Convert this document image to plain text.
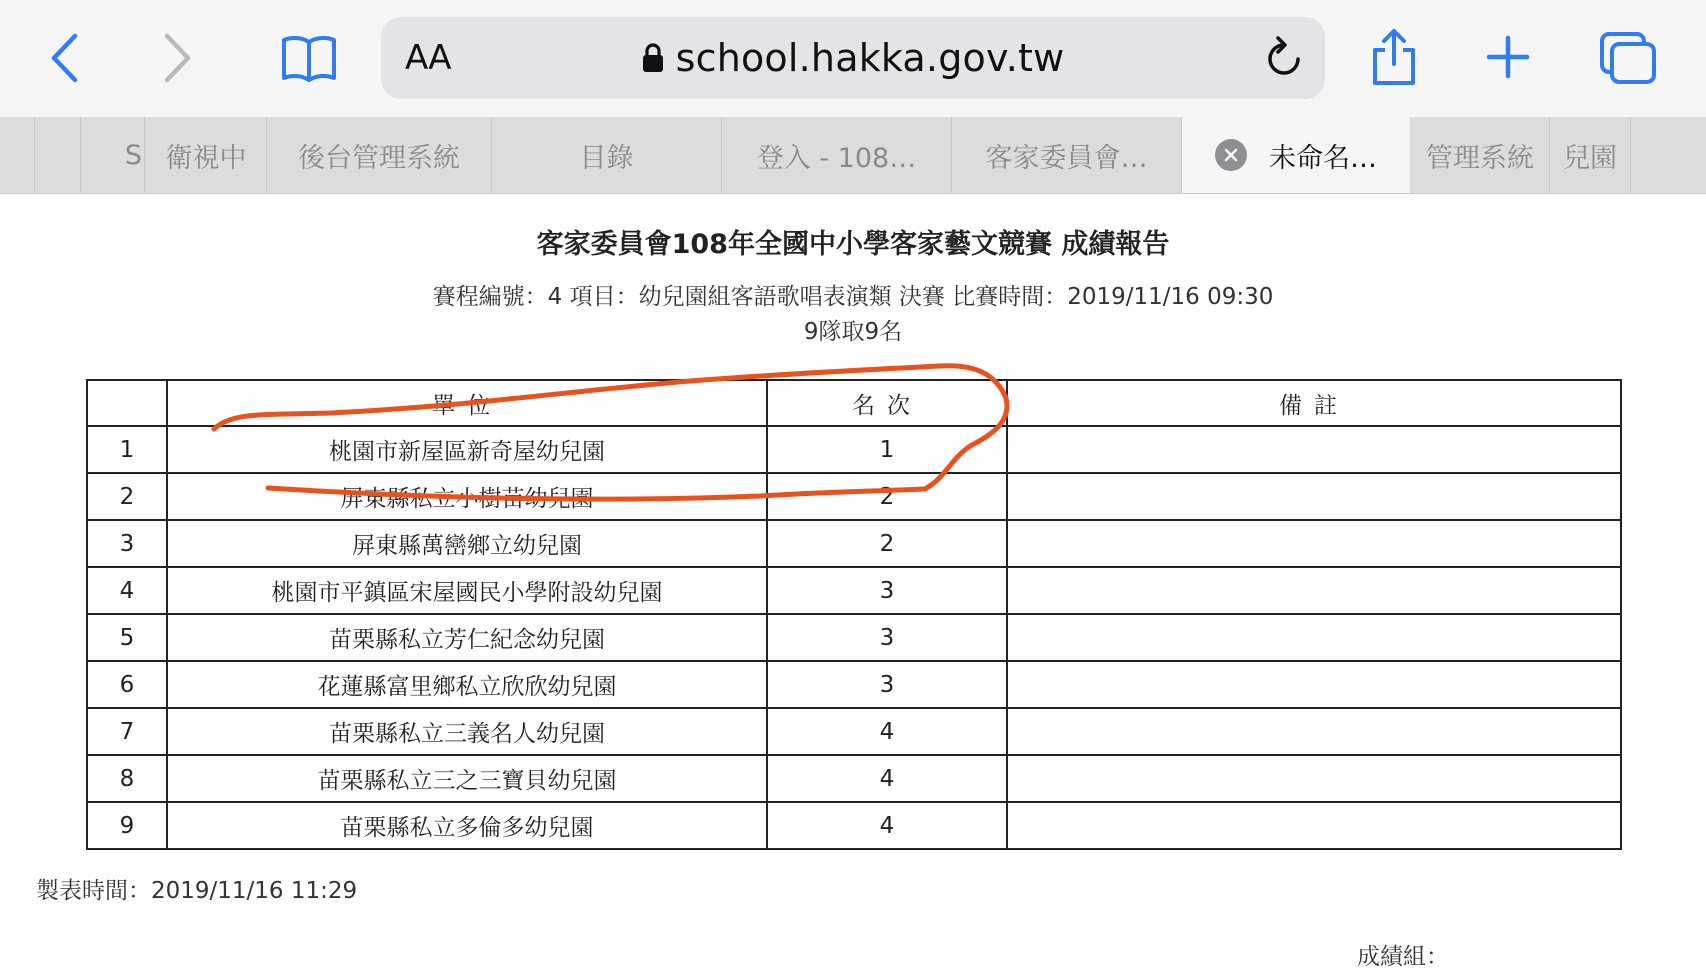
AA	school.hakka.gov.tw
S 衛視中 後台管理系統	目錄	登入 - 108…	客家委員會…	未命名… 管理系統 兒園
客家委員會108年全國中小學客家藝文競賽 成績報告
賽程編號：4 項目：幼兒園組客語歌唱表演類 決賽 比賽時間：2019/11/16 09:30
9隊取9名
	單位	名次	備註
1	桃園市新屋區新奇屋幼兒園	1	
2	屏東縣私立小樹苗幼兒園	2	
3	屏東縣萬巒鄉立幼兒園	2	
4	桃園市平鎮區宋屋國民小學附設幼兒園	3	
5	苗栗縣私立芳仁紀念幼兒園	3	
6	花蓮縣富里鄉私立欣欣幼兒園	3	
7	苗栗縣私立三義名人幼兒園	4	
8	苗栗縣私立三之三寶貝幼兒園	4	
9	苗栗縣私立多倫多幼兒園	4	
製表時間：2019/11/16 11:29
成績組：
